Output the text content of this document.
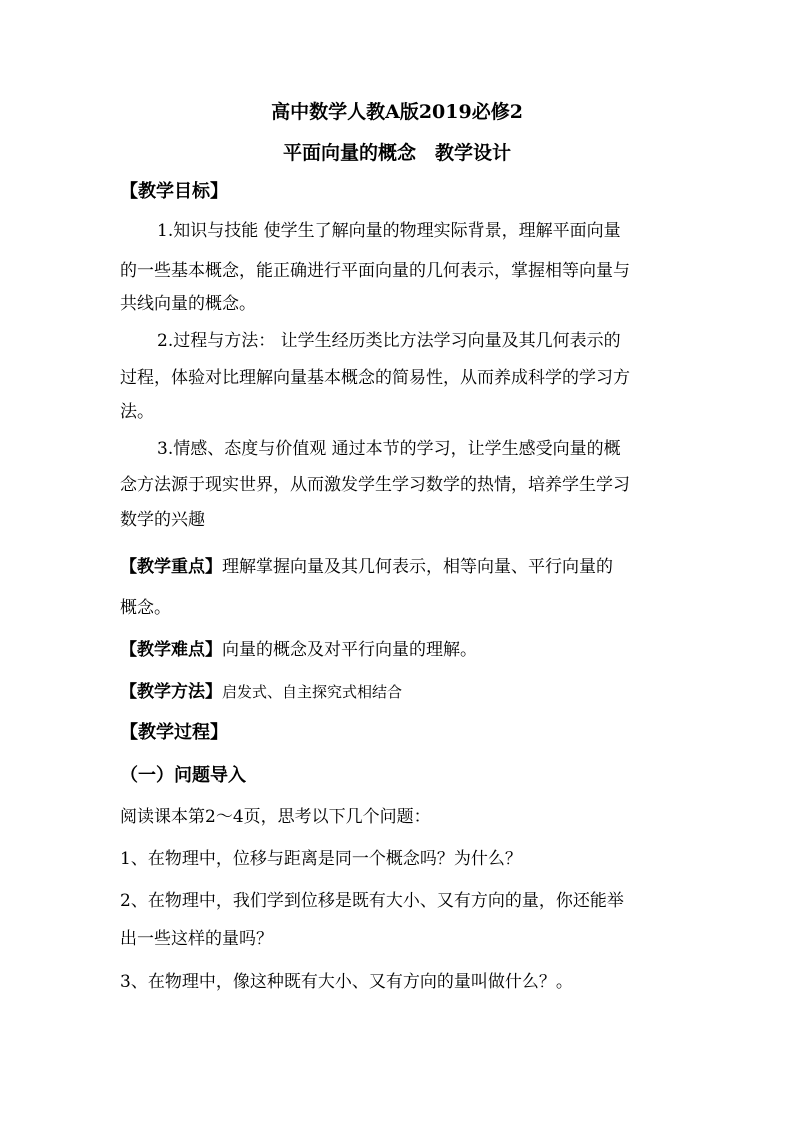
高中数学人教A版2019必修2
平面向量的概念　教学设计
【教学目标】
1.知识与技能 使学生了解向量的物理实际背景，理解平面向量
的一些基本概念，能正确进行平面向量的几何表示，掌握相等向量与
共线向量的概念。
2.过程与方法： 让学生经历类比方法学习向量及其几何表示的
过程，体验对比理解向量基本概念的简易性，从而养成科学的学习方
法。
3.情感、态度与价值观 通过本节的学习，让学生感受向量的概
念方法源于现实世界，从而激发学生学习数学的热情，培养学生学习
数学的兴趣
【教学重点】理解掌握向量及其几何表示，相等向量、平行向量的
概念。
【教学难点】向量的概念及对平行向量的理解。
【教学方法】启发式、自主探究式相结合
【教学过程】
（一）问题导入
阅读课本第2～4页，思考以下几个问题：
1、在物理中，位移与距离是同一个概念吗？为什么？
2、在物理中，我们学到位移是既有大小、又有方向的量，你还能举
出一些这样的量吗？
3、在物理中，像这种既有大小、又有方向的量叫做什么？。
